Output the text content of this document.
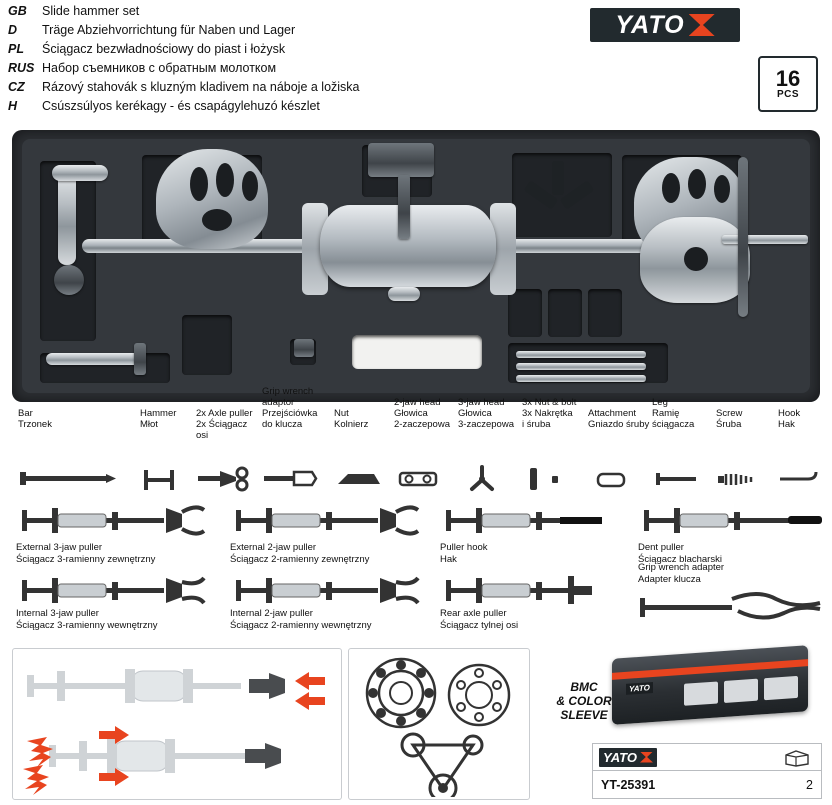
GB	Slide hammer set
D	Träge Abziehvorrichtung für Naben und Lager
PL	Ściągacz bezwładnościowy do piast i łożysk
RUS Набор съемников с обратным молотком
CZ	Rázový stahovák s kluzným kladivem na náboje a ložiska
H	Csúszsúlyos kerékagy - és csapágylehuzó készlet
YATO
16
PCS
Bar
Trzonek
Hammer
Młot
2x Axle puller
2x Ściągacz osi
Grip wrench
adaptor
Przejściówka
do klucza
Nut
Kolnierz
2-jaw head
Głowica
2-zaczepowa
3-jaw head
Głowica
3-zaczepowa
3x Nut & bolt
3x Nakrętka
i śruba
Attachment
Gniazdo śruby
Leg
Ramię
ściągacza
Screw
Śruba
Hook
Hak
External 3-jaw puller
Ściągacz 3-ramienny zewnętrzny
External 2-jaw puller
Ściągacz 2-ramienny zewnętrzny
Puller hook
Hak
Dent puller
Ściągacz blacharski
Internal 3-jaw puller
Ściągacz 3-ramienny wewnętrzny
Internal 2-jaw puller
Ściągacz 2-ramienny wewnętrzny
Rear axle puller
Ściągacz tylnej osi
Grip wrench adapter
Adapter klucza
YATO
BMC
& COLOR
SLEEVE
YATO
YT-25391	2
